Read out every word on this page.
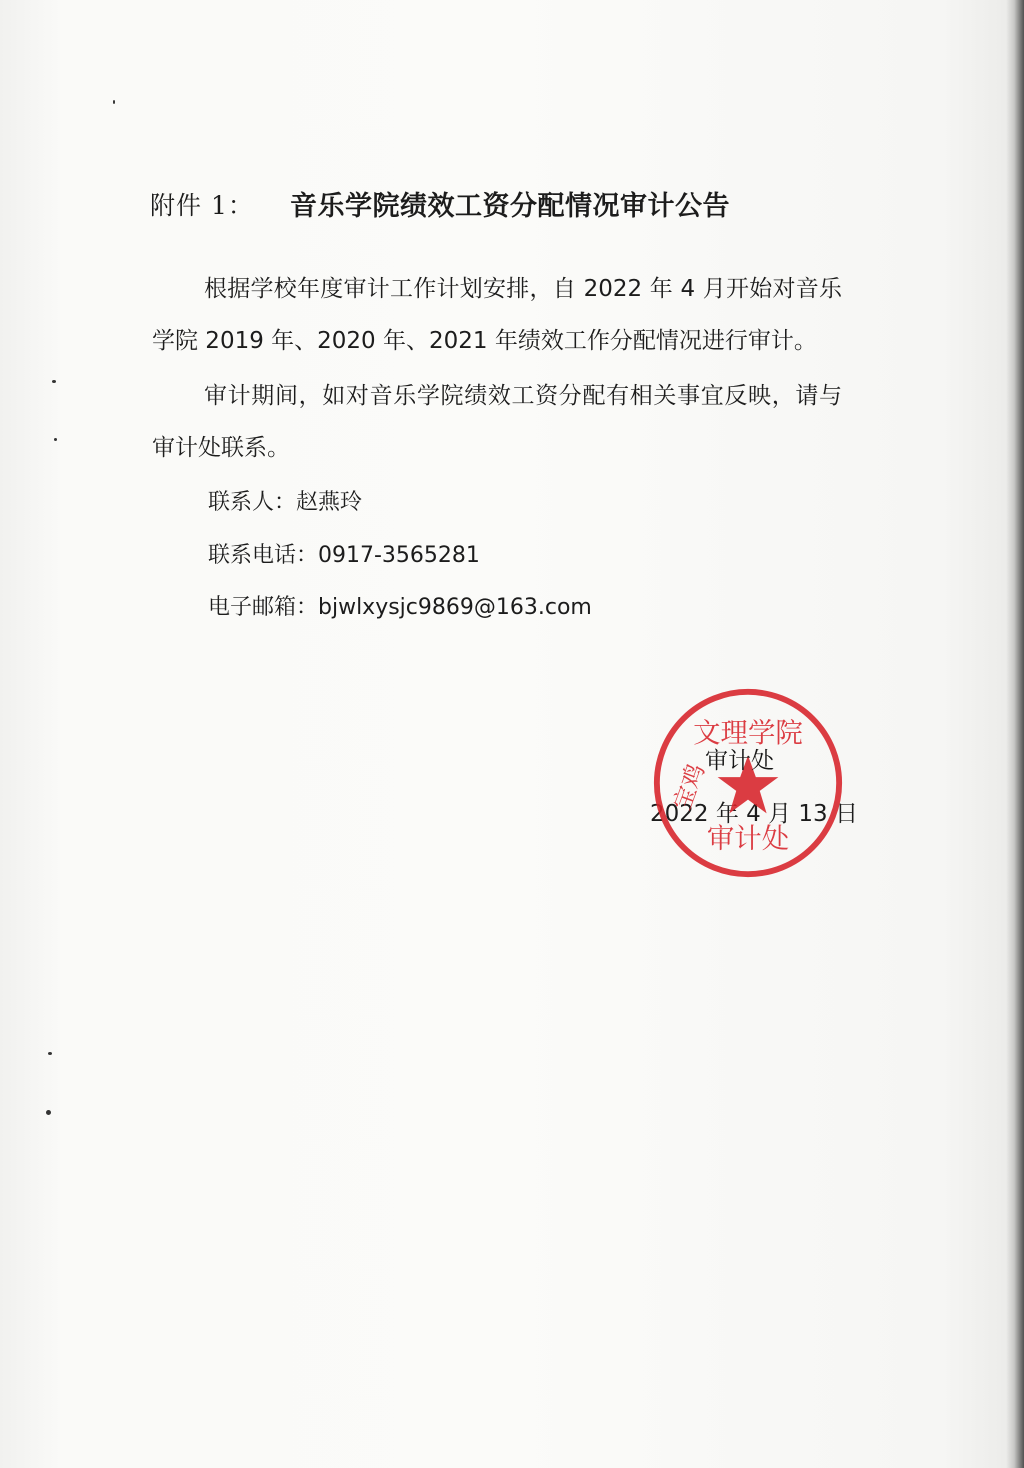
附件 1： 音乐学院绩效工资分配情况审计公告
根据学校年度审计工作计划安排，自 2022 年 4 月开始对音乐学院 2019 年、2020 年、2021 年绩效工作分配情况进行审计。
审计期间，如对音乐学院绩效工资分配有相关事宜反映，请与审计处联系。
联系人：赵燕玲
联系电话：0917-3565281
电子邮箱：bjwlxysjc9869@163.com
审计处
2022 年 4 月 13 日
文理学院
宝鸡
审计处
